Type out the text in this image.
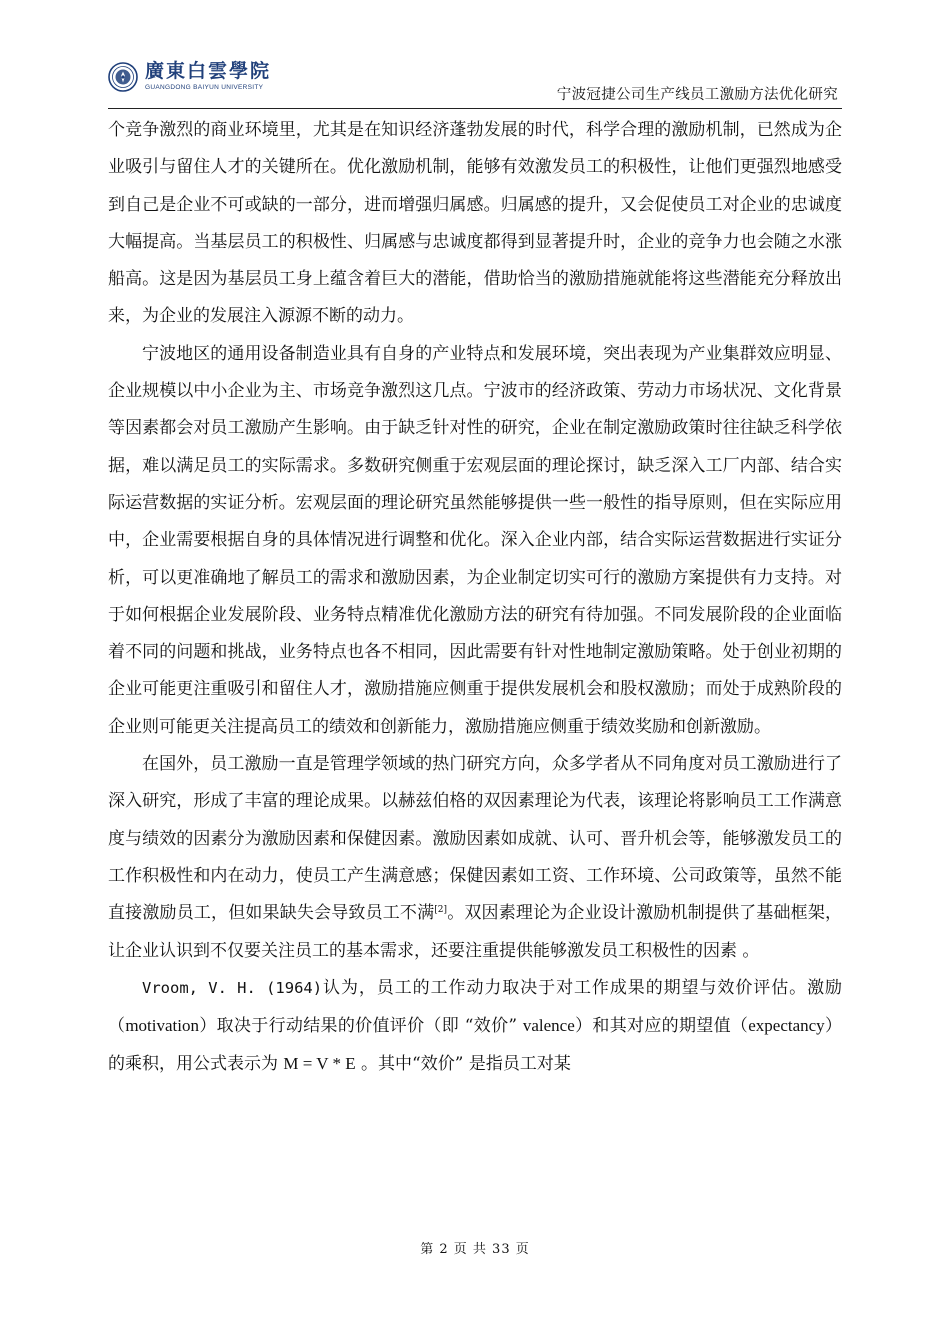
廣東白雲學院
GUANGDONG BAIYUN UNIVERSITY	宁波冠捷公司生产线员工激励方法优化研究

个竞争激烈的商业环境里，尤其是在知识经济蓬勃发展的时代，科学合理的激励机制，已然成为企业吸引与留住人才的关键所在。优化激励机制，能够有效激发员工的积极性，让他们更强烈地感受到自己是企业不可或缺的一部分，进而增强归属感。归属感的提升，又会促使员工对企业的忠诚度大幅提高。当基层员工的积极性、归属感与忠诚度都得到显著提升时，企业的竞争力也会随之水涨船高。这是因为基层员工身上蕴含着巨大的潜能，借助恰当的激励措施就能将这些潜能充分释放出来，为企业的发展注入源源不断的动力。

宁波地区的通用设备制造业具有自身的产业特点和发展环境，突出表现为产业集群效应明显、企业规模以中小企业为主、市场竞争激烈这几点。宁波市的经济政策、劳动力市场状况、文化背景等因素都会对员工激励产生影响。由于缺乏针对性的研究，企业在制定激励政策时往往缺乏科学依据，难以满足员工的实际需求。多数研究侧重于宏观层面的理论探讨，缺乏深入工厂内部、结合实际运营数据的实证分析。宏观层面的理论研究虽然能够提供一些一般性的指导原则，但在实际应用中，企业需要根据自身的具体情况进行调整和优化。深入企业内部，结合实际运营数据进行实证分析，可以更准确地了解员工的需求和激励因素，为企业制定切实可行的激励方案提供有力支持。对于如何根据企业发展阶段、业务特点精准优化激励方法的研究有待加强。不同发展阶段的企业面临着不同的问题和挑战，业务特点也各不相同，因此需要有针对性地制定激励策略。处于创业初期的企业可能更注重吸引和留住人才，激励措施应侧重于提供发展机会和股权激励；而处于成熟阶段的企业则可能更关注提高员工的绩效和创新能力，激励措施应侧重于绩效奖励和创新激励。

在国外，员工激励一直是管理学领域的热门研究方向，众多学者从不同角度对员工激励进行了深入研究，形成了丰富的理论成果。以赫兹伯格的双因素理论为代表，该理论将影响员工工作满意度与绩效的因素分为激励因素和保健因素。激励因素如成就、认可、晋升机会等，能够激发员工的工作积极性和内在动力，使员工产生满意感；保健因素如工资、工作环境、公司政策等，虽然不能直接激励员工，但如果缺失会导致员工不满[2]。双因素理论为企业设计激励机制提供了基础框架，让企业认识到不仅要关注员工的基本需求，还要注重提供能够激发员工积极性的因素 。

Vroom, V. H. (1964)认为，员工的工作动力取决于对工作成果的期望与效价评估。激励（motivation）取决于行动结果的价值评价（即 “效价” valence）和其对应的期望值（expectancy）的乘积，用公式表示为 M = V * E 。其中“效价” 是指员工对某

第 2 页 共 33 页
